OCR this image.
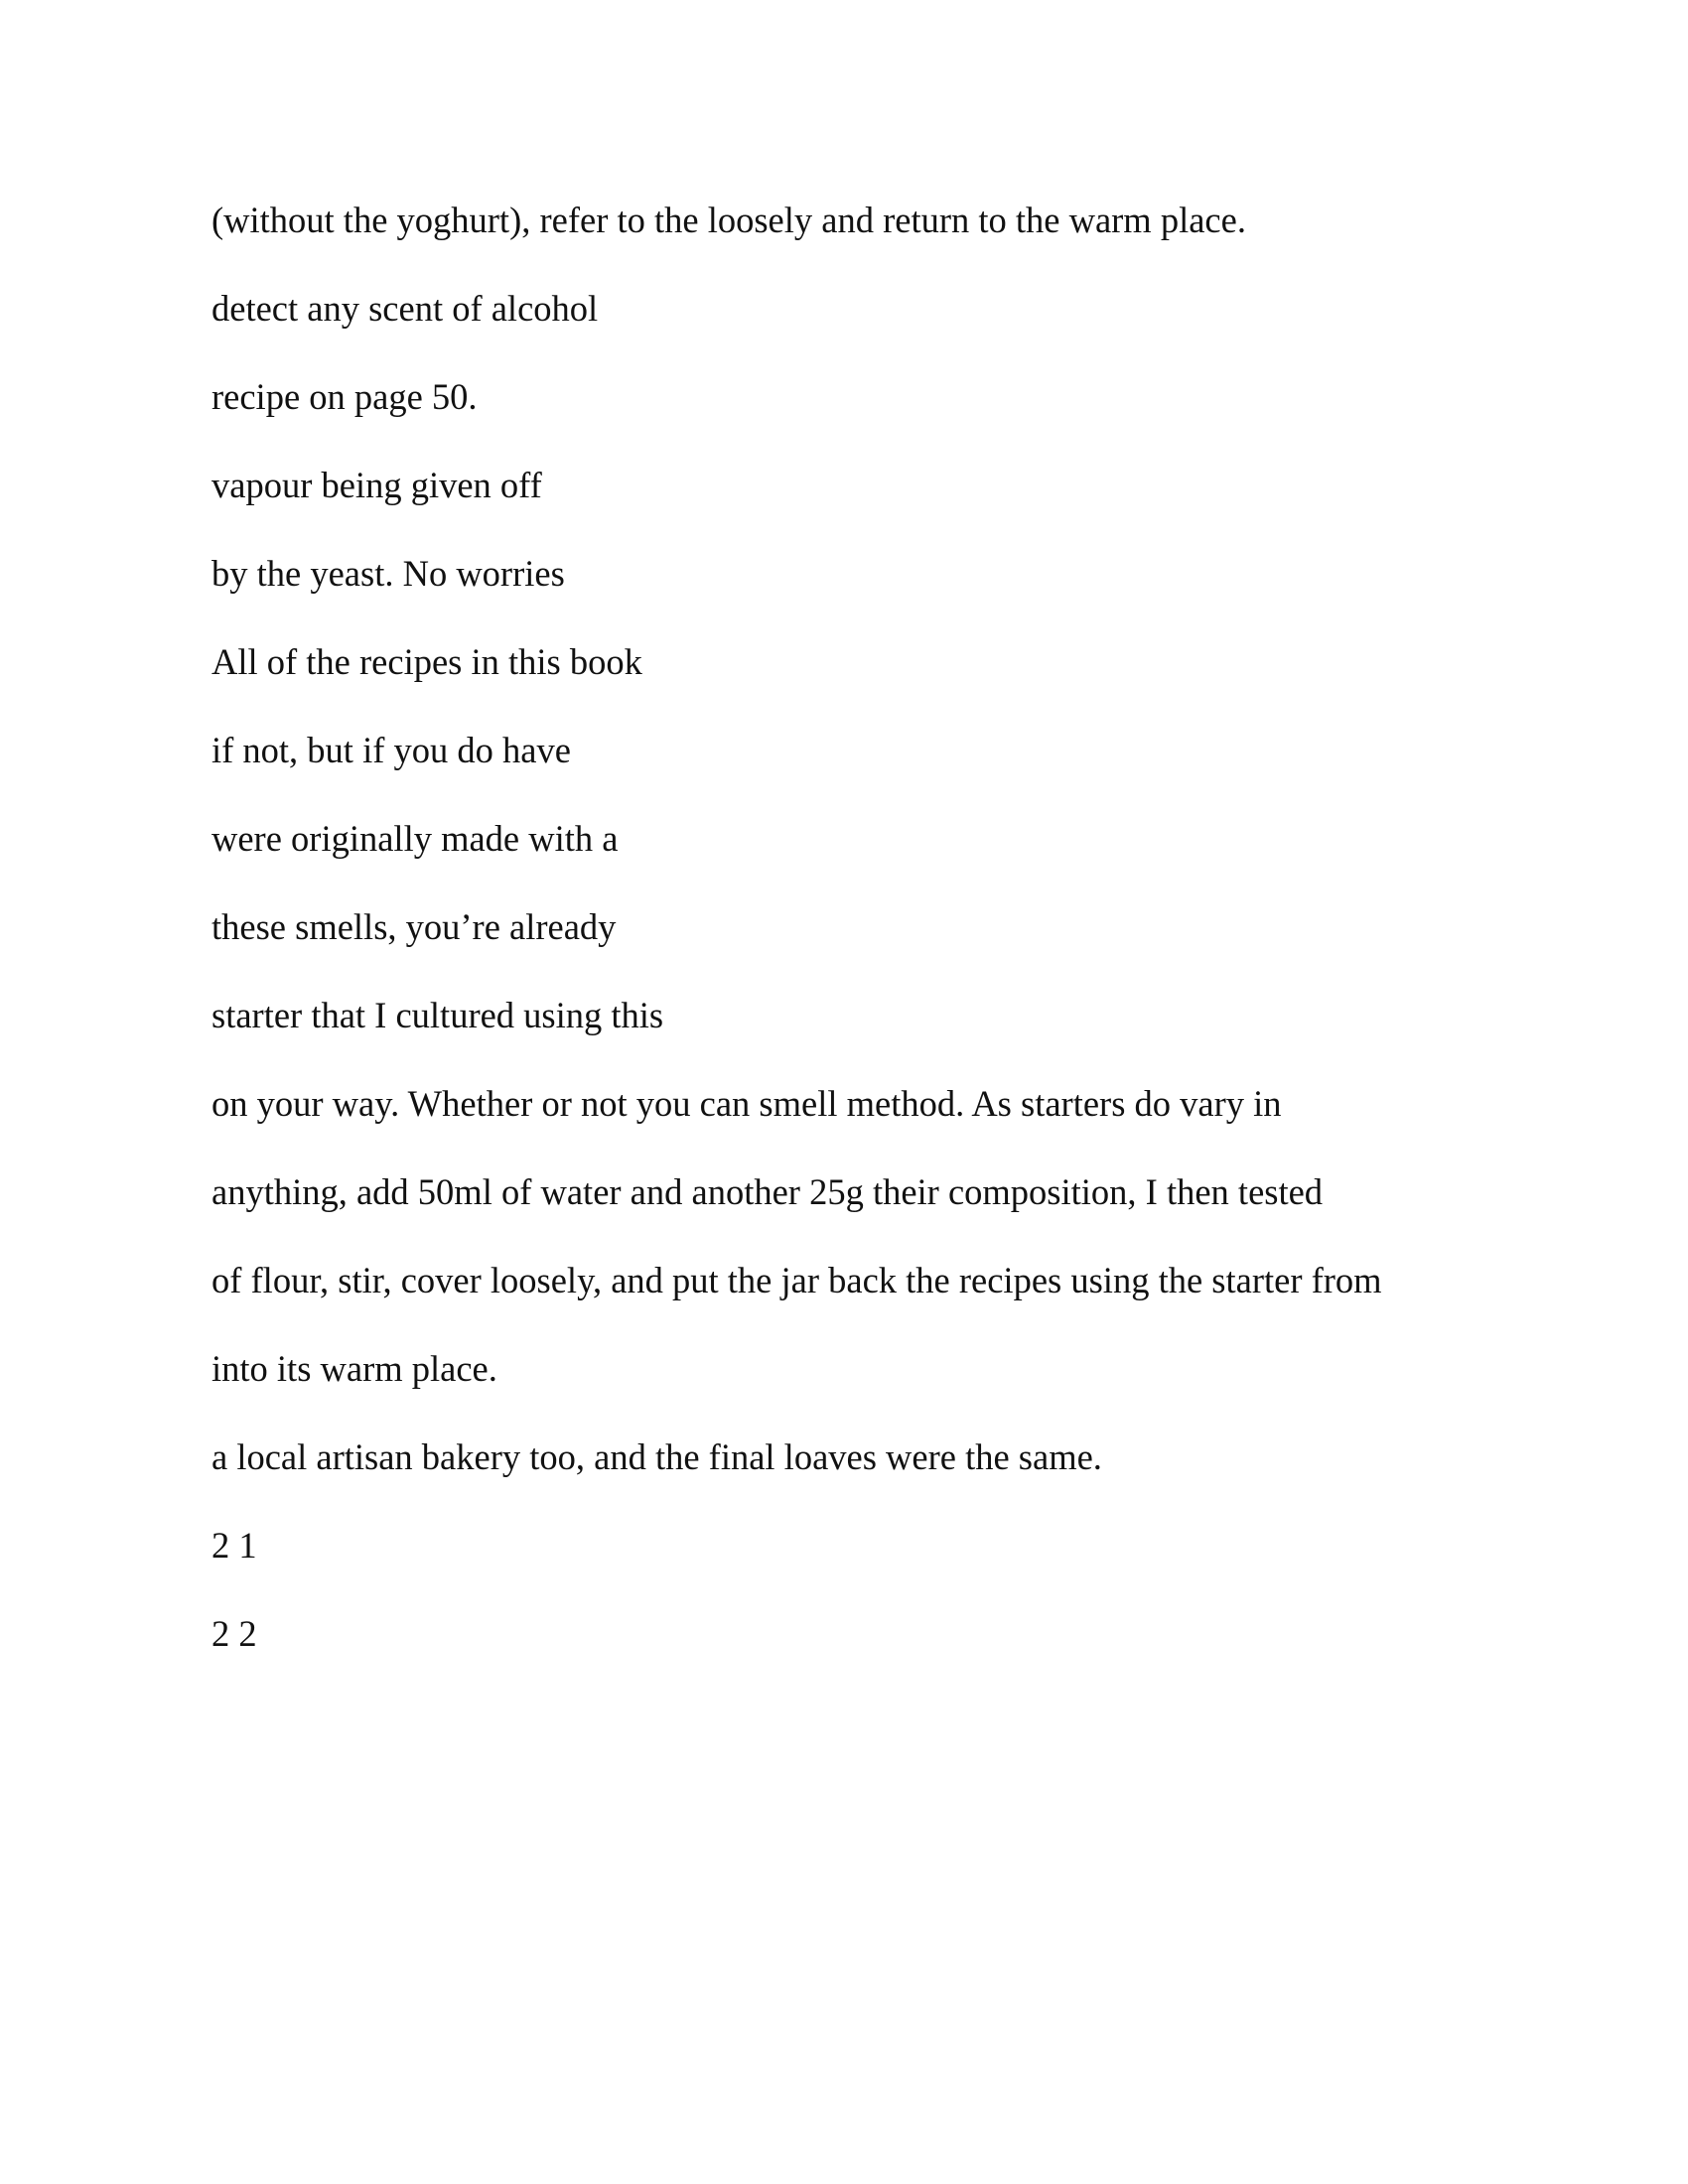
(without the yoghurt), refer to the loosely and return to the warm place.

detect any scent of alcohol

recipe on page 50.

vapour being given off

by the yeast. No worries

All of the recipes in this book

if not, but if you do have

were originally made with a

these smells, you’re already

starter that I cultured using this

on your way. Whether or not you can smell method. As starters do vary in

anything, add 50ml of water and another 25g their composition, I then tested

of flour, stir, cover loosely, and put the jar back the recipes using the starter from

into its warm place.

a local artisan bakery too, and the final loaves were the same.

2 1

2 2
